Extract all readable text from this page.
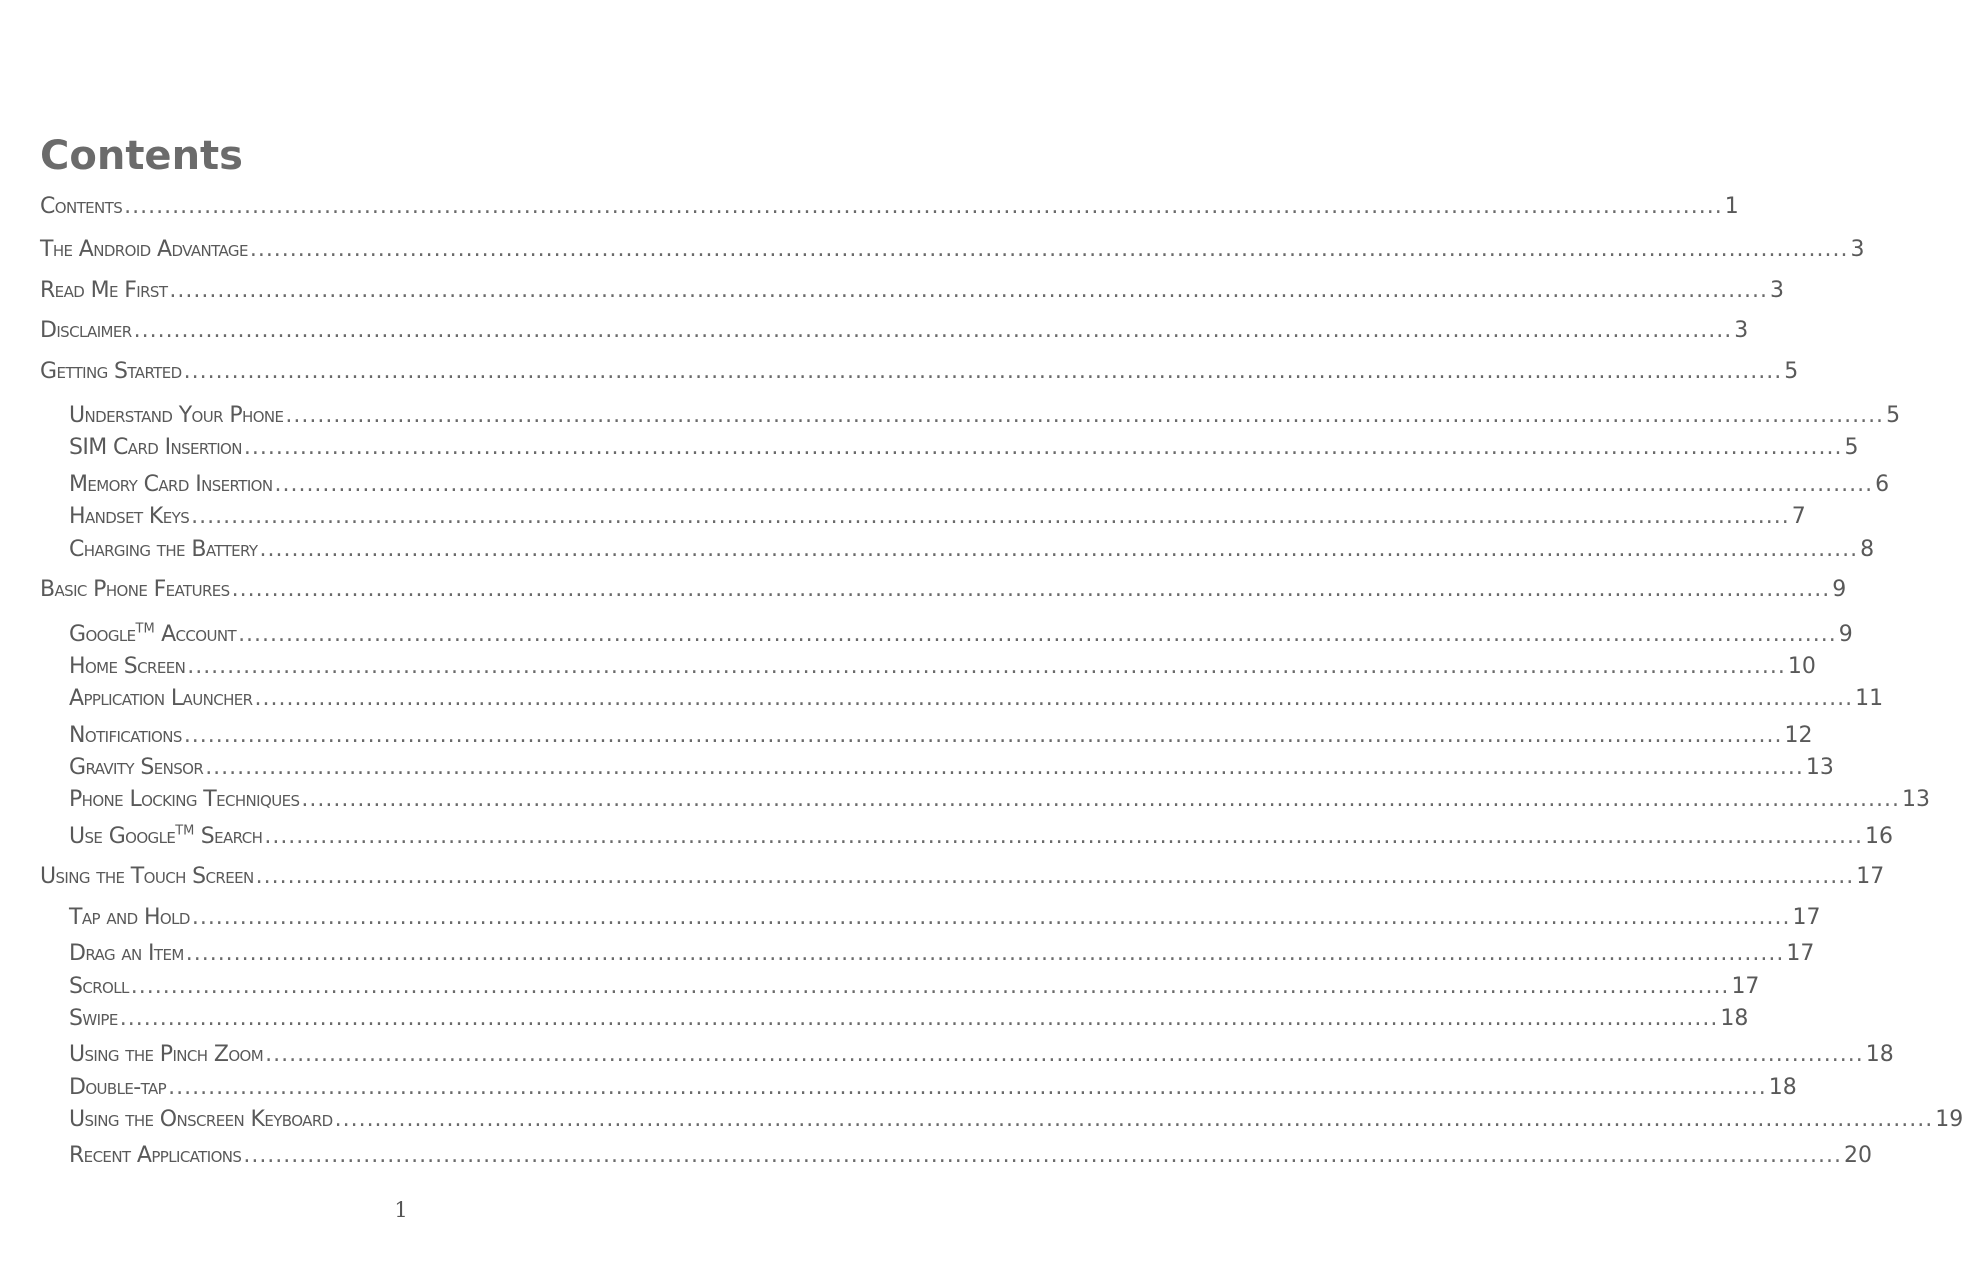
Contents
Contents ........................................................................................................................................................................................................ 1
The Android Advantage ........................................................................................................................................................................................................ 3
Read Me First ........................................................................................................................................................................................................ 3
Disclaimer ........................................................................................................................................................................................................ 3
Getting Started ........................................................................................................................................................................................................ 5
Understand Your Phone ........................................................................................................................................................................................................ 5
SIM Card Insertion ........................................................................................................................................................................................................ 5
Memory Card Insertion ........................................................................................................................................................................................................ 6
Handset Keys ........................................................................................................................................................................................................ 7
Charging the Battery ........................................................................................................................................................................................................ 8
Basic Phone Features ........................................................................................................................................................................................................ 9
Google™ Account ........................................................................................................................................................................................................ 9
Home Screen ........................................................................................................................................................................................................ 10
Application Launcher ........................................................................................................................................................................................................ 11
Notifications ........................................................................................................................................................................................................ 12
Gravity Sensor ........................................................................................................................................................................................................ 13
Phone Locking Techniques ........................................................................................................................................................................................................ 13
Use Google™ Search ........................................................................................................................................................................................................ 16
Using the Touch Screen ........................................................................................................................................................................................................ 17
Tap and Hold ........................................................................................................................................................................................................ 17
Drag an Item ........................................................................................................................................................................................................ 17
Scroll ........................................................................................................................................................................................................ 17
Swipe ........................................................................................................................................................................................................ 18
Using the Pinch Zoom ........................................................................................................................................................................................................ 18
Double-tap ........................................................................................................................................................................................................ 18
Using the Onscreen Keyboard ........................................................................................................................................................................................................ 19
Recent Applications ........................................................................................................................................................................................................ 20
1
